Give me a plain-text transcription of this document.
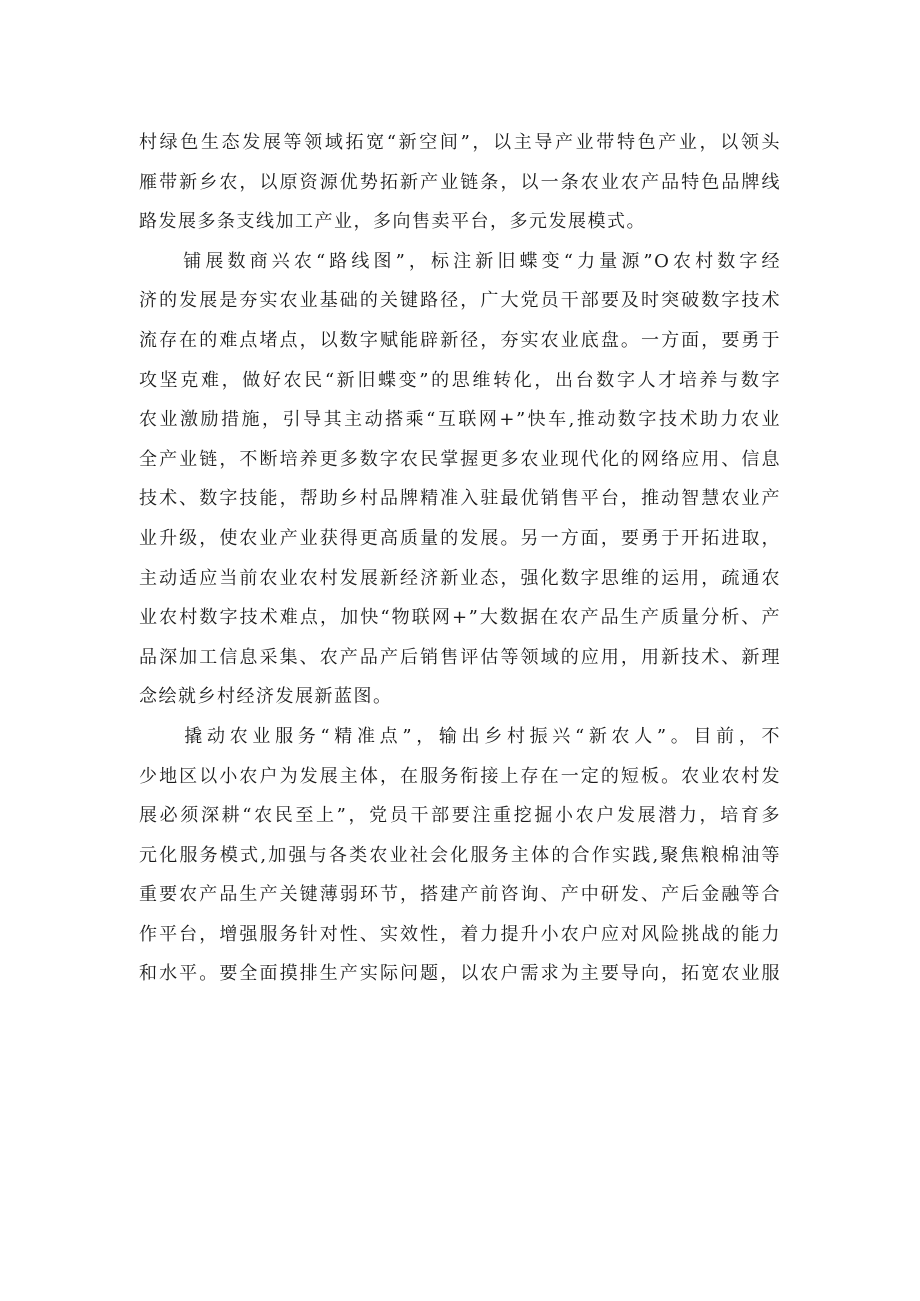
村绿色生态发展等领域拓宽“新空间”，以主导产业带特色产业，以领头
雁带新乡农，以原资源优势拓新产业链条，以一条农业农产品特色品牌线
路发展多条支线加工产业，多向售卖平台，多元发展模式。
　　铺展数商兴农“路线图”，标注新旧蝶变“力量源”O农村数字经
济的发展是夯实农业基础的关键路径，广大党员干部要及时突破数字技术
流存在的难点堵点，以数字赋能辟新径，夯实农业底盘。一方面，要勇于
攻坚克难，做好农民“新旧蝶变”的思维转化，出台数字人才培养与数字
农业激励措施，引导其主动搭乘“互联网+”快车,推动数字技术助力农业
全产业链，不断培养更多数字农民掌握更多农业现代化的网络应用、信息
技术、数字技能，帮助乡村品牌精准入驻最优销售平台，推动智慧农业产
业升级，使农业产业获得更高质量的发展。另一方面，要勇于开拓进取，
主动适应当前农业农村发展新经济新业态，强化数字思维的运用，疏通农
业农村数字技术难点，加快“物联网+”大数据在农产品生产质量分析、产
品深加工信息采集、农产品产后销售评估等领域的应用，用新技术、新理
念绘就乡村经济发展新蓝图。
　　撬动农业服务“精准点”，输出乡村振兴“新农人”。目前，不
少地区以小农户为发展主体，在服务衔接上存在一定的短板。农业农村发
展必须深耕“农民至上”，党员干部要注重挖掘小农户发展潜力，培育多
元化服务模式,加强与各类农业社会化服务主体的合作实践,聚焦粮棉油等
重要农产品生产关键薄弱环节，搭建产前咨询、产中研发、产后金融等合
作平台，增强服务针对性、实效性，着力提升小农户应对风险挑战的能力
和水平。要全面摸排生产实际问题，以农户需求为主要导向，拓宽农业服
